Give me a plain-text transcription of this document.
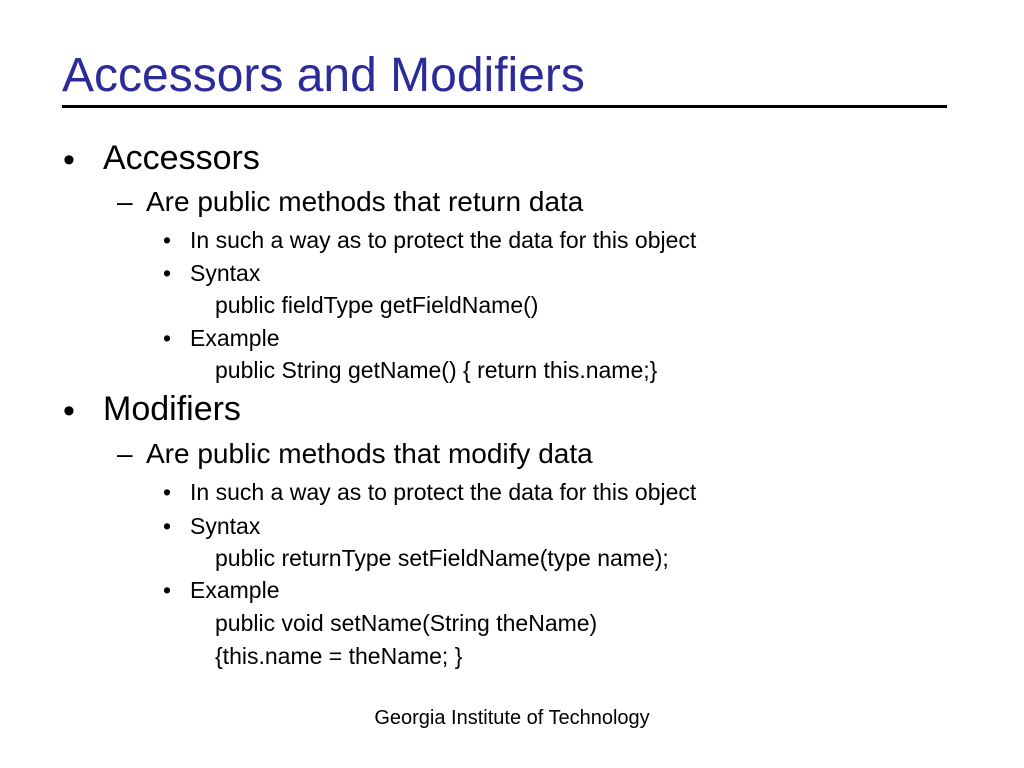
Accessors and Modifiers
• Accessors
– Are public methods that return data
• In such a way as to protect the data for this object
• Syntax
public fieldType getFieldName()
• Example
public String getName() { return this.name;}
• Modifiers
– Are public methods that modify data
• In such a way as to protect the data for this object
• Syntax
public returnType setFieldName(type name);
• Example
public void setName(String theName)
{this.name = theName; }
Georgia Institute of Technology
